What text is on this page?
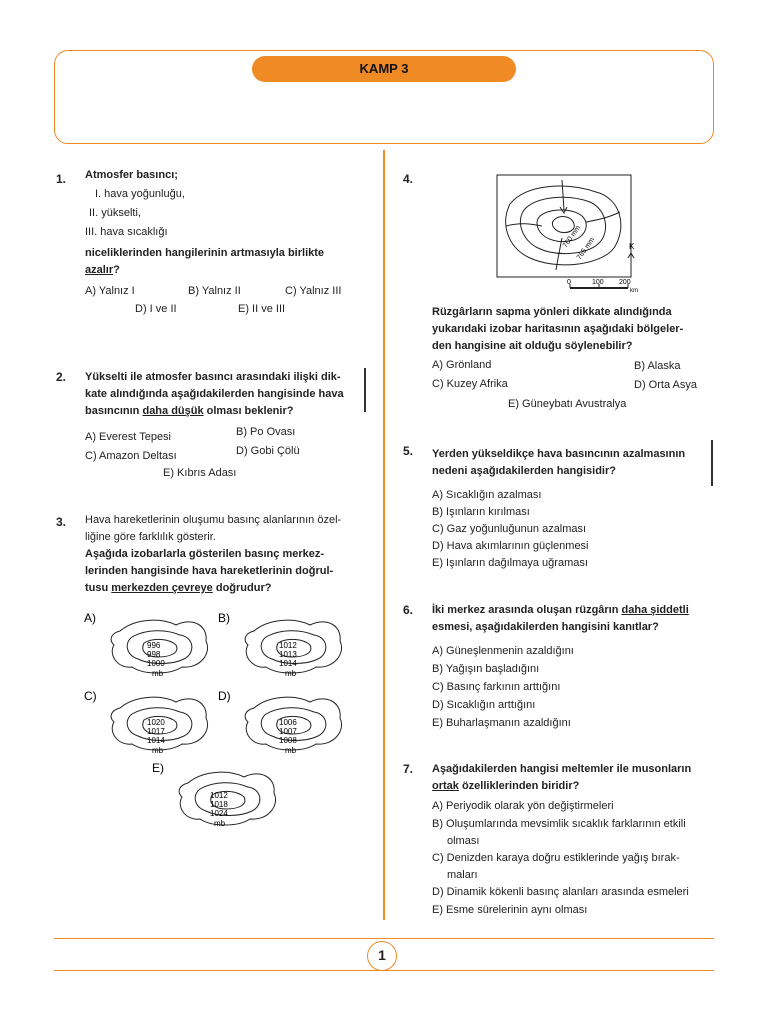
KAMP 3
1. Atmosfer basıncı;
I. hava yoğunluğu,
II. yükselti,
III. hava sıcaklığı
niceliklerinden hangilerinin artmasıyla birlikte
azalır?
A) Yalnız I	B) Yalnız II	C) Yalnız III
D) I ve II	E) II ve III
2. Yükselti ile atmosfer basıncı arasındaki ilişki dik-
kate alındığında aşağıdakilerden hangisinde hava
basıncının daha düşük olması beklenir?
A) Everest Tepesi	B) Po Ovası
C) Amazon Deltası	D) Gobi Çölü
E) Kıbrıs Adası
3. Hava hareketlerinin oluşumu basınç alanlarının özel-
liğine göre farklılık gösterir.
Aşağıda izobarlarla gösterilen basınç merkez-
lerinden hangisinde hava hareketlerinin doğrul-
tusu merkezden çevreye doğrudur?
A)
996
998
1000
mb
B)
1012
1013
1014
mb
C)
1020
1017
1014
mb
D)
1006
1007
1008
mb
E)
1012
1018
1024
mb
4.
760 mm
765 mm	K
0	100 200
km
Rüzgârların sapma yönleri dikkate alındığında
yukarıdaki izobar haritasının aşağıdaki bölgeler-
den hangisine ait olduğu söylenebilir?
A) Grönland	B) Alaska
C) Kuzey Afrika	D) Orta Asya
E) Güneybatı Avustralya
5. Yerden yükseldikçe hava basıncının azalmasının
nedeni aşağıdakilerden hangisidir?
A) Sıcaklığın azalması
B) Işınların kırılması
C) Gaz yoğunluğunun azalması
D) Hava akımlarının güçlenmesi
E) Işınların dağılmaya uğraması
6. İki merkez arasında oluşan rüzgârın daha şiddetli
esmesi, aşağıdakilerden hangisini kanıtlar?
A) Güneşlenmenin azaldığını
B) Yağışın başladığını
C) Basınç farkının arttığını
D) Sıcaklığın arttığını
E) Buharlaşmanın azaldığını
7. Aşağıdakilerden hangisi meltemler ile musonların
ortak özelliklerinden biridir?
A) Periyodik olarak yön değiştirmeleri
B) Oluşumlarında mevsimlik sıcaklık farklarının etkili
olması
C) Denizden karaya doğru estiklerinde yağış bırak-
maları
D) Dinamik kökenli basınç alanları arasında esmeleri
E) Esme sürelerinin aynı olması
1
